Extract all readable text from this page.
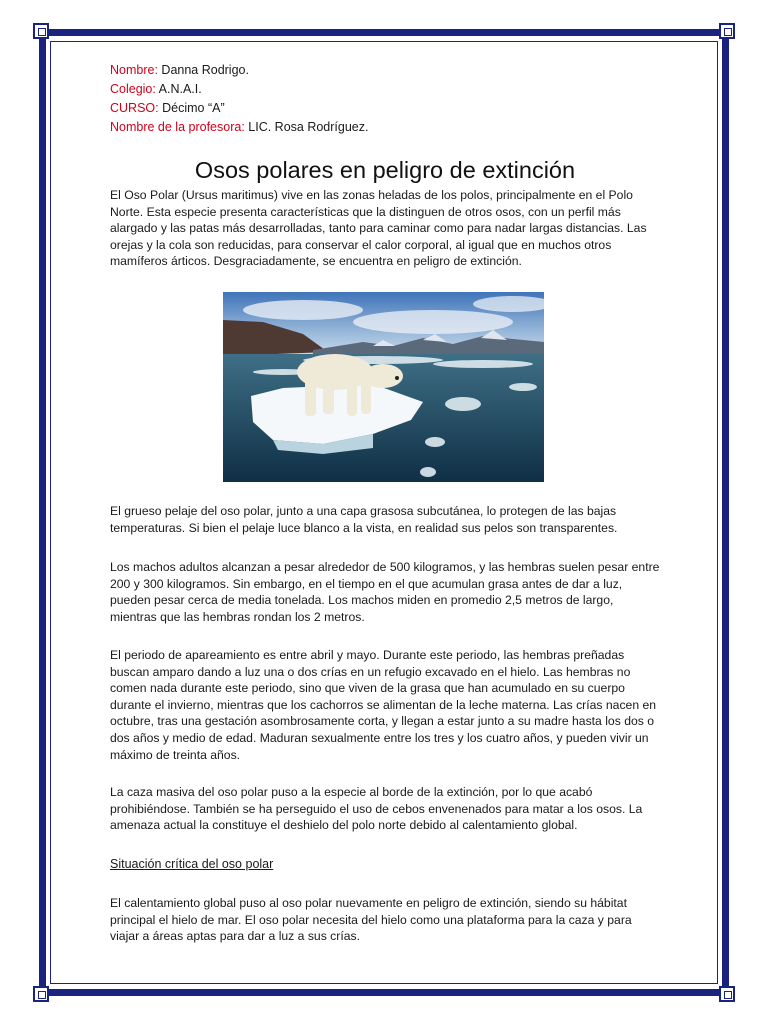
Nombre: Danna Rodrigo.
Colegio: A.N.A.I.
CURSO: Décimo “A”
Nombre de la profesora: LIC. Rosa Rodríguez.
Osos polares en peligro de extinción

El Oso Polar (Ursus maritimus) vive en las zonas heladas de los polos, principalmente en el Polo Norte. Esta especie presenta características que la distinguen de otros osos, con un perfil más alargado y las patas más desarrolladas, tanto para caminar como para nadar largas distancias. Las orejas y la cola son reducidas, para conservar el calor corporal, al igual que en muchos otros mamíferos árticos. Desgraciadamente, se encuentra en peligro de extinción.

El grueso pelaje del oso polar, junto a una capa grasosa subcutánea, lo protegen de las bajas temperaturas. Si bien el pelaje luce blanco a la vista, en realidad sus pelos son transparentes.

Los machos adultos alcanzan a pesar alrededor de 500 kilogramos, y las hembras suelen pesar entre 200 y 300 kilogramos. Sin embargo, en el tiempo en el que acumulan grasa antes de dar a luz, pueden pesar cerca de media tonelada. Los machos miden en promedio 2,5 metros de largo, mientras que las hembras rondan los 2 metros.

El periodo de apareamiento es entre abril y mayo. Durante este periodo, las hembras preñadas buscan amparo dando a luz una o dos crías en un refugio excavado en el hielo. Las hembras no comen nada durante este periodo, sino que viven de la grasa que han acumulado en su cuerpo durante el invierno, mientras que los cachorros se alimentan de la leche materna. Las crías nacen en octubre, tras una gestación asombrosamente corta, y llegan a estar junto a su madre hasta los dos o dos años y medio de edad. Maduran sexualmente entre los tres y los cuatro años, y pueden vivir un máximo de treinta años.

La caza masiva del oso polar puso a la especie al borde de la extinción, por lo que acabó prohibiéndose. También se ha perseguido el uso de cebos envenenados para matar a los osos. La amenaza actual la constituye el deshielo del polo norte debido al calentamiento global.

Situación crítica del oso polar

El calentamiento global puso al oso polar nuevamente en peligro de extinción, siendo su hábitat principal el hielo de mar. El oso polar necesita del hielo como una plataforma para la caza y para viajar a áreas aptas para dar a luz a sus crías.
